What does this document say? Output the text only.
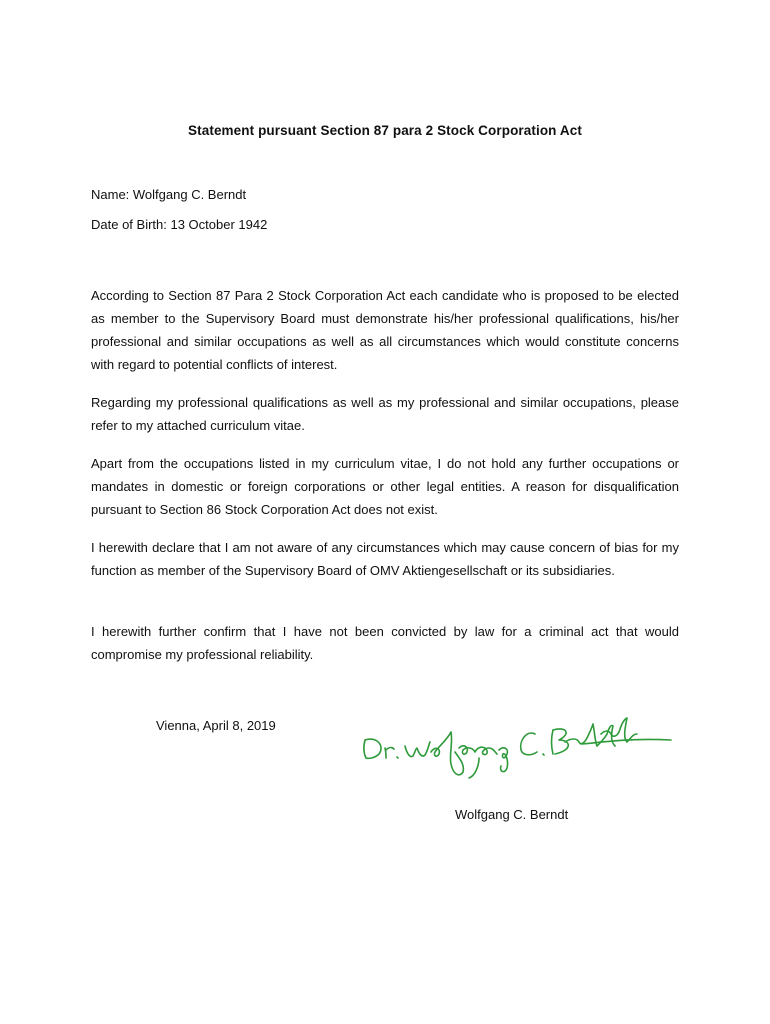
Statement pursuant Section 87 para 2 Stock Corporation Act
Name: Wolfgang C. Berndt
Date of Birth: 13 October 1942

According to Section 87 Para 2 Stock Corporation Act each candidate who is proposed to be elected as member to the Supervisory Board must demonstrate his/her professional qualifications, his/her professional and similar occupations as well as all circumstances which would constitute concerns with regard to potential conflicts of interest.

Regarding my professional qualifications as well as my professional and similar occupations, please refer to my attached curriculum vitae.

Apart from the occupations listed in my curriculum vitae, I do not hold any further occupations or mandates in domestic or foreign corporations or other legal entities. A reason for disqualification pursuant to Section 86 Stock Corporation Act does not exist.

I herewith declare that I am not aware of any circumstances which may cause concern of bias for my function as member of the Supervisory Board of OMV Aktiengesellschaft or its subsidiaries.

I herewith further confirm that I have not been convicted by law for a criminal act that would compromise my professional reliability.

Vienna, April 8, 2019
Wolfgang C. Berndt
